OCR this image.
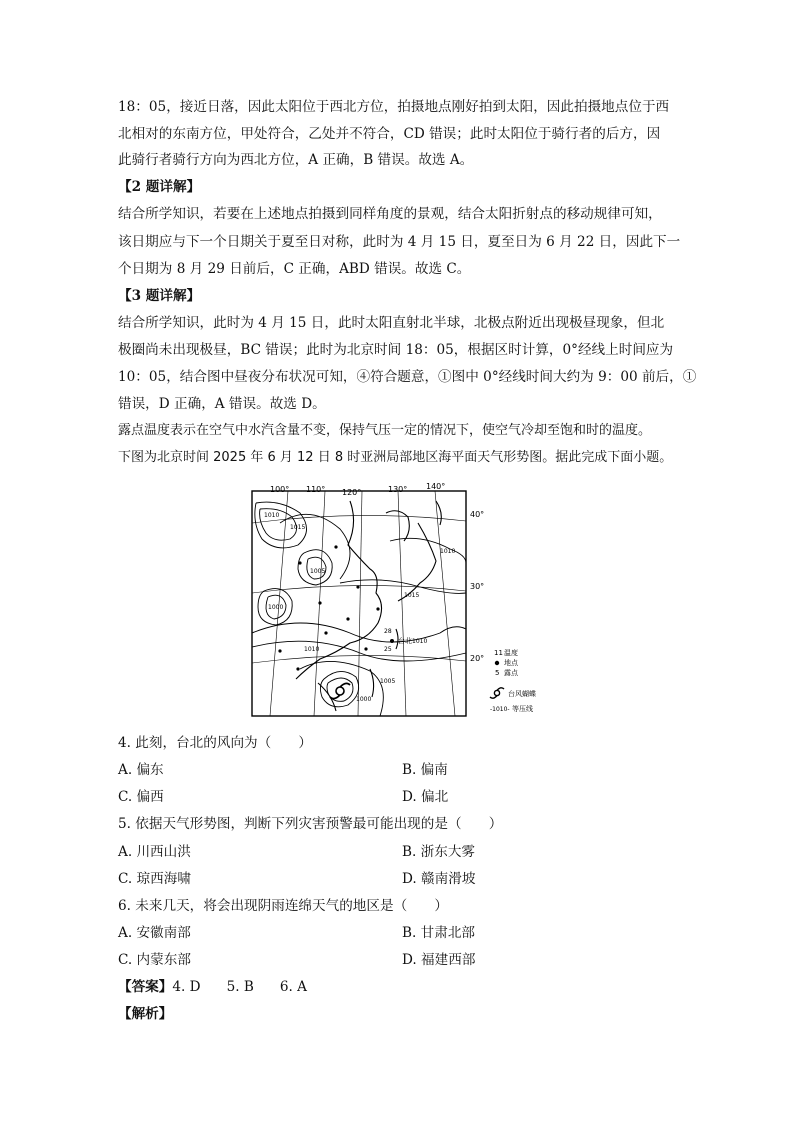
18：05，接近日落，因此太阳位于西北方位，拍摄地点刚好拍到太阳，因此拍摄地点位于西
北相对的东南方位，甲处符合，乙处并不符合，CD 错误；此时太阳位于骑行者的后方，因
此骑行者骑行方向为西北方位，A 正确，B 错误。故选 A。
【2 题详解】
结合所学知识，若要在上述地点拍摄到同样角度的景观，结合太阳折射点的移动规律可知，
该日期应与下一个日期关于夏至日对称，此时为 4 月 15 日，夏至日为 6 月 22 日，因此下一
个日期为 8 月 29 日前后，C 正确，ABD 错误。故选 C。
【3 题详解】
结合所学知识，此时为 4 月 15 日，此时太阳直射北半球，北极点附近出现极昼现象，但北
极圈尚未出现极昼，BC 错误；此时为北京时间 18：05，根据区时计算，0°经线上时间应为
10：05，结合图中昼夜分布状况可知，④符合题意，①图中 0°经线时间大约为 9：00 前后，①
错误，D 正确，A 错误。故选 D。
露点温度表示在空气中水汽含量不变，保持气压一定的情况下，使空气冷却至饱和时的温度。
下图为北京时间 2025 年 6 月 12 日 8 时亚洲局部地区海平面天气形势图。据此完成下面小题。
100° 110° 120°	130° 140°
40°
30°
20°
1010
1015
1005
1000
1010
1015
1010
1005
1000
1010
台北
28
25	11 温度
地点
5 露点
台风蝴蝶
-1010- 等压线
4. 此刻，台北的风向为（　　）
A. 偏东	B. 偏南
C. 偏西	D. 偏北
5. 依据天气形势图，判断下列灾害预警最可能出现的是（　　）
A. 川西山洪	B. 浙东大雾
C. 琼西海啸	D. 赣南滑坡
6. 未来几天，将会出现阴雨连绵天气的地区是（　　）
A. 安徽南部	B. 甘肃北部
C. 内蒙东部	D. 福建西部
【答案】4. D 5. B 6. A
【解析】
